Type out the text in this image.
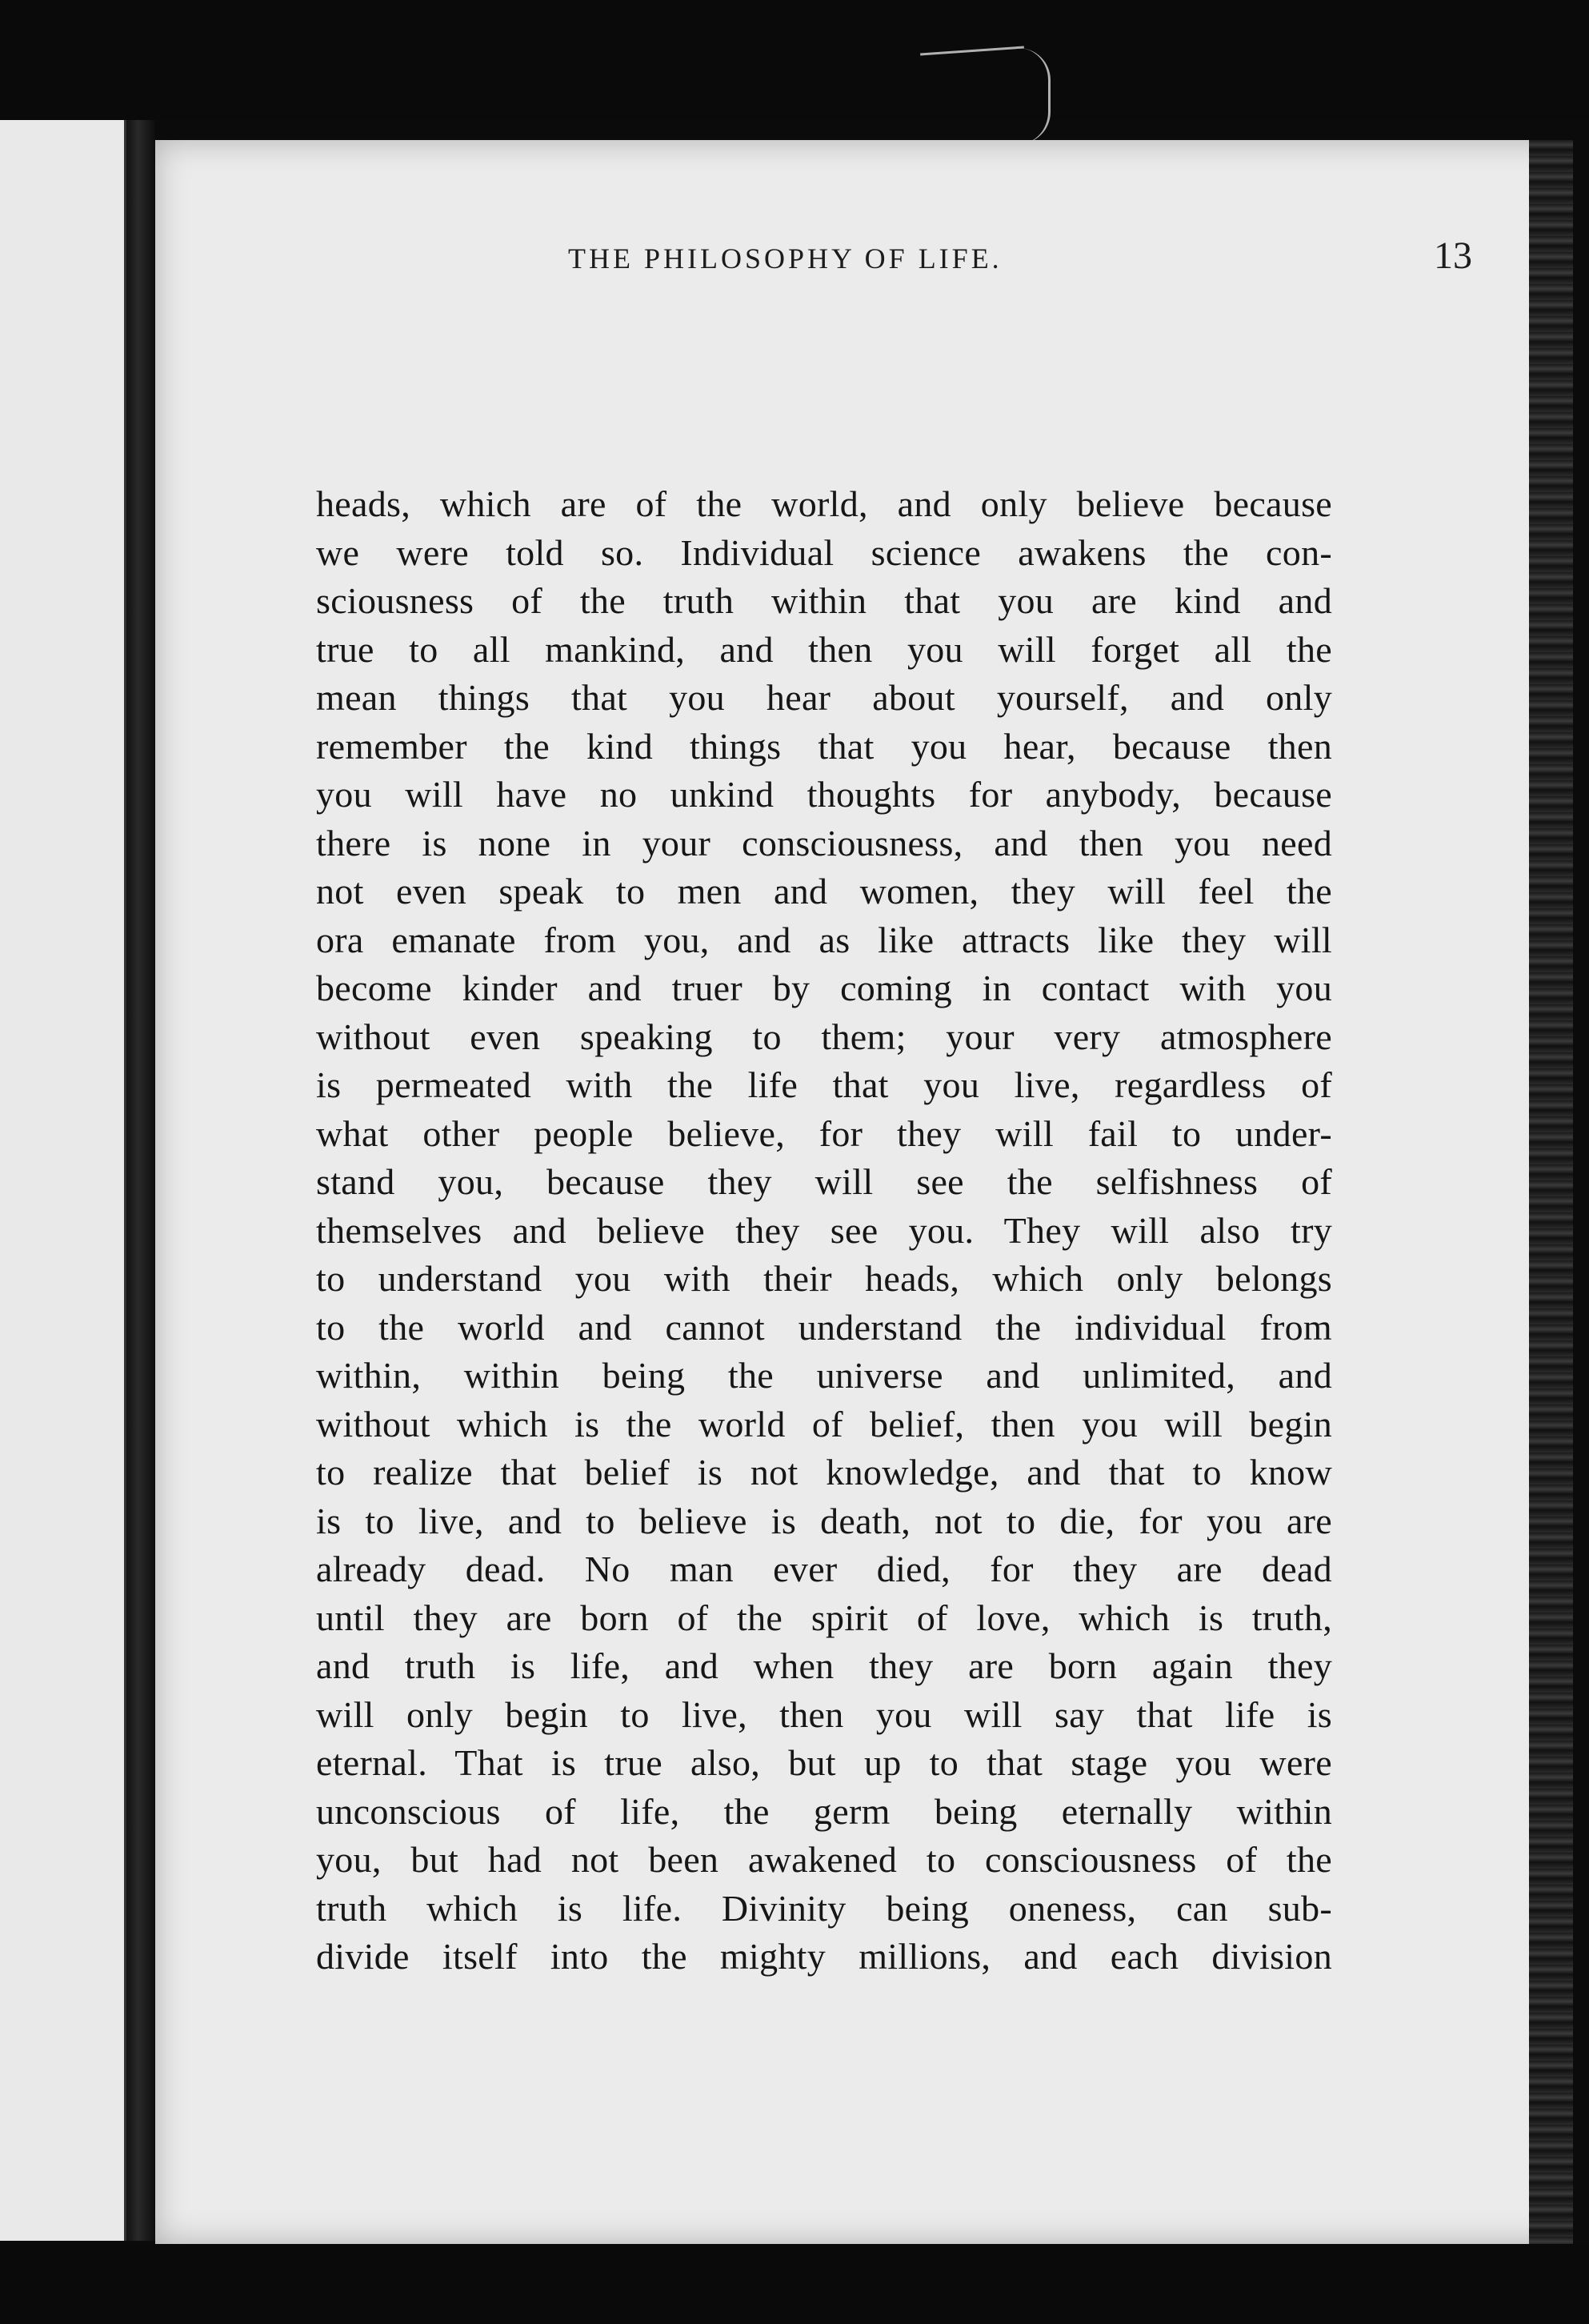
THE PHILOSOPHY OF LIFE.	13
heads, which are of the world, and only believe because
we were told so. Individual science awakens the con-
sciousness of the truth within that you are kind and
true to all mankind, and then you will forget all the
mean things that you hear about yourself, and only
remember the kind things that you hear, because then
you will have no unkind thoughts for anybody, because
there is none in your consciousness, and then you need
not even speak to men and women, they will feel the
ora emanate from you, and as like attracts like they will
become kinder and truer by coming in contact with you
without even speaking to them; your very atmosphere
is permeated with the life that you live, regardless of
what other people believe, for they will fail to under-
stand you, because they will see the selfishness of
themselves and believe they see you. They will also try
to understand you with their heads, which only belongs
to the world and cannot understand the individual from
within, within being the universe and unlimited, and
without which is the world of belief, then you will begin
to realize that belief is not knowledge, and that to know
is to live, and to believe is death, not to die, for you are
already dead. No man ever died, for they are dead
until they are born of the spirit of love, which is truth,
and truth is life, and when they are born again they
will only begin to live, then you will say that life is
eternal. That is true also, but up to that stage you were
unconscious of life, the germ being eternally within
you, but had not been awakened to consciousness of the
truth which is life. Divinity being oneness, can sub-
divide itself into the mighty millions, and each division
